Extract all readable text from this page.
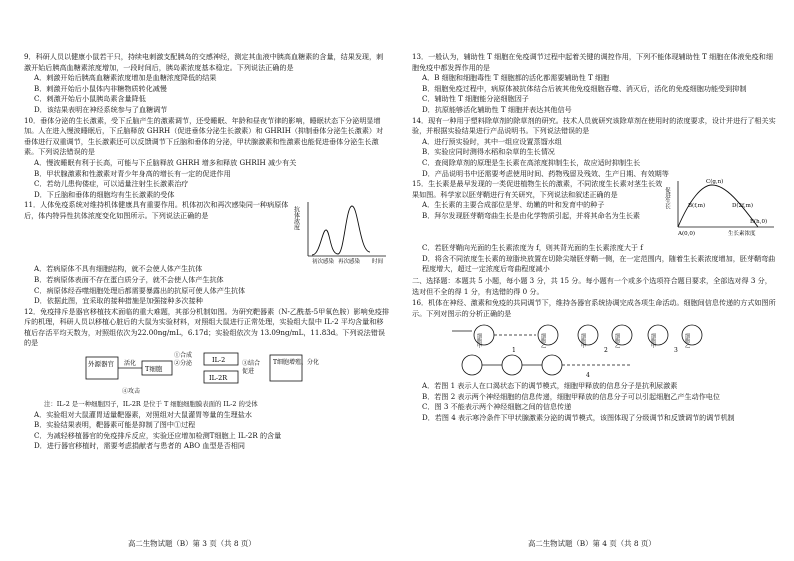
9．科研人员以健康小鼠若干只，持续电刺激支配胰岛的交感神经，测定其血液中胰高血糖素的含量，结果发现，刺激开始后胰高血糖素浓度增加，一段时间后，胰岛素浓度基本稳定。下列说法正确的是

A．刺激开始后胰高血糖素浓度增加是血糖浓度降低的结果

B．刺激开始后小鼠体内非糖物质转化减慢

C．刺激开始后小鼠胰岛素含量降低

D．该结果表明在神经系统参与了血糖调节

10．垂体分泌的生长激素，受下丘脑产生的激素调节，还受睡眠、年龄和昼夜节律的影响，睡眠状态下分泌明显增加。人在进入慢波睡眠后，下丘脑释放 GHRH（促进垂体分泌生长激素）和 GHRIH（抑制垂体分泌生长激素）对垂体进行双重调节，生长激素还可以反馈调节下丘脑和垂体的分泌，甲状腺激素和性激素也能促进垂体分泌生长激素。下列说法错误的是

A．慢波睡眠有利于长高，可能与下丘脑释放 GHRH 增多和释放 GHRIH 减少有关

B．甲状腺激素和性激素对青少年身高的增长有一定的促进作用

C．若幼儿患佝偻症，可以适量注射生长激素治疗

D．下丘脑和垂体的细胞均有生长激素的受体

11．人体免疫系统对维持机体健康具有重要作用。机体初次和再次感染同一种病原体后，体内特异性抗体浓度变化如图所示。下列说法正确的是	抗体浓度
初次感染 再次感染 时间

A．若病原体不具有细胞结构，就不会使人体产生抗体

B．若病原体表面不存在蛋白质分子，就不会使人体产生抗体

C．病原体经吞噬细胞处理后都需要暴露出的抗原可使人体产生抗体

D．依据此图，宜采取的接种措施是加强接种多次接种

12．免疫排斥是器官移植技术面临的重大难题，其部分机制如图。为研究靶器素（N-乙酰基-5甲氧色胺）影响免疫排斥的机理，科研人员以移植心脏后的大鼠为实验材料，对照组大鼠进行正常处理，实验组大鼠中 IL-2 平均含量和移植后存活平均天数为，对照组依次为22.00ng/mL，6.17d；实验组依次为 13.09ng/mL，11.83d。下列说法错误的是

外源器官 活化
T细胞
①合成
②分泌	IL-2
IL-2R
③结合
促进
T细胞增殖、分化
④攻击

注：IL-2 是一种细胞因子，IL-2R 是位于 T 细胞细胞膜表面的 IL-2 的受体

A．实验组对大鼠灌胃适量靶器素，对照组对大鼠灌胃等量的生理盐水

B．实验结果表明，靶器素可能是抑制了图中①过程

C．为减轻移植器官的免疫排斥反应，实验还应增加检测T细胞上 IL-2R 的含量

D．进行器官移植时，需要考虑捐献者与患者的 ABO 血型是否相同

13．一般认为，辅助性 T 细胞在免疫调节过程中起着关键的调控作用，下列不能体现辅助性 T 细胞在体液免疫和细胞免疫中都发挥作用的是

A．B 细胞和细胞毒性 T 细胞都的活化都需要辅助性 T 细胞

B．细胞免疫过程中，病原体被抗体结合后被其他免疫细胞吞噬、消灭后，活化的免疫细胞功能受到抑制

C．辅助性 T 细胞能分泌细胞因子

D．抗原能够活化辅助性 T 细胞并表达其他信号

14．现有一种用于塑料除草剂的除草剂的研究。技术人员就研究该除草剂在使用时的浓度要求，设计并进行了相关实验，并根据实验结果进行产品说明书。下列说法错误的是

A．进行预实验时，其中一组应设置蒸馏水组

B．实验应同时测得水稻和杂草的生长情况

C．查阅除草剂的原理是生长素在高浓度抑制生长，故应适时抑制生长

D．产品说明书中还需要考虑使用时间、药物残留及残效、生产日期、有效期等

15．生长素是最早发现的一类促进植物生长的激素，不同浓度生长素对茎生长效果如图。科学家以胚芽鞘进行有关研究，下列说法和叙述正确的是

A．生长素的主要合成部位是芽、幼嫩的叶和发育中的种子

B．拜尔发现胚芽鞘弯曲生长是由化学物质引起，并将其命名为生长素

促进生长
C(g,n)
B(f,m)	D(2f,m)
E(h,0)
A(0,0)	生长素浓度

C．若胚芽鞘向光面的生长素浓度为 f，则其背光面的生长素浓度大于 f

D．将含不同浓度生长素的琼脂块放置在切除尖端胚芽鞘一侧，在一定范围内，随着生长素浓度增加，胚芽鞘弯曲程度增大，超过一定浓度后弯曲程度减小

二、选择题：本题共 5 小题，每小题 3 分，共 15 分。每小题有一个或多个选项符合题目要求，全部选对得 3 分，选对但不全的得 1 分，有选错的得 0 分。

16．机体在神经、激素和免疫的共同调节下，维持各器官系统协调完成各项生命活动。细胞间信息传递的方式如图所示。下列对图示的分析正确的是

细胞甲	细胞乙	细胞甲	细胞乙	细胞甲	细胞乙
1	2	3
4

A．若图 1 表示人在口渴状态下的调节模式，细胞甲释放的信息分子是抗利尿激素

B．若图 2 表示两个神经细胞的信息传递，细胞甲释放的信息分子可以引起细胞乙产生动作电位

C．图 3 不能表示两个神经细胞之间的信息传递

D．若图 4 表示寒冷条件下甲状腺激素分泌的调节模式，该图体现了分级调节和反馈调节的调节机制

高二生物试题（B）第 3 页（共 8 页）	高二生物试题（B）第 4 页（共 8 页）
